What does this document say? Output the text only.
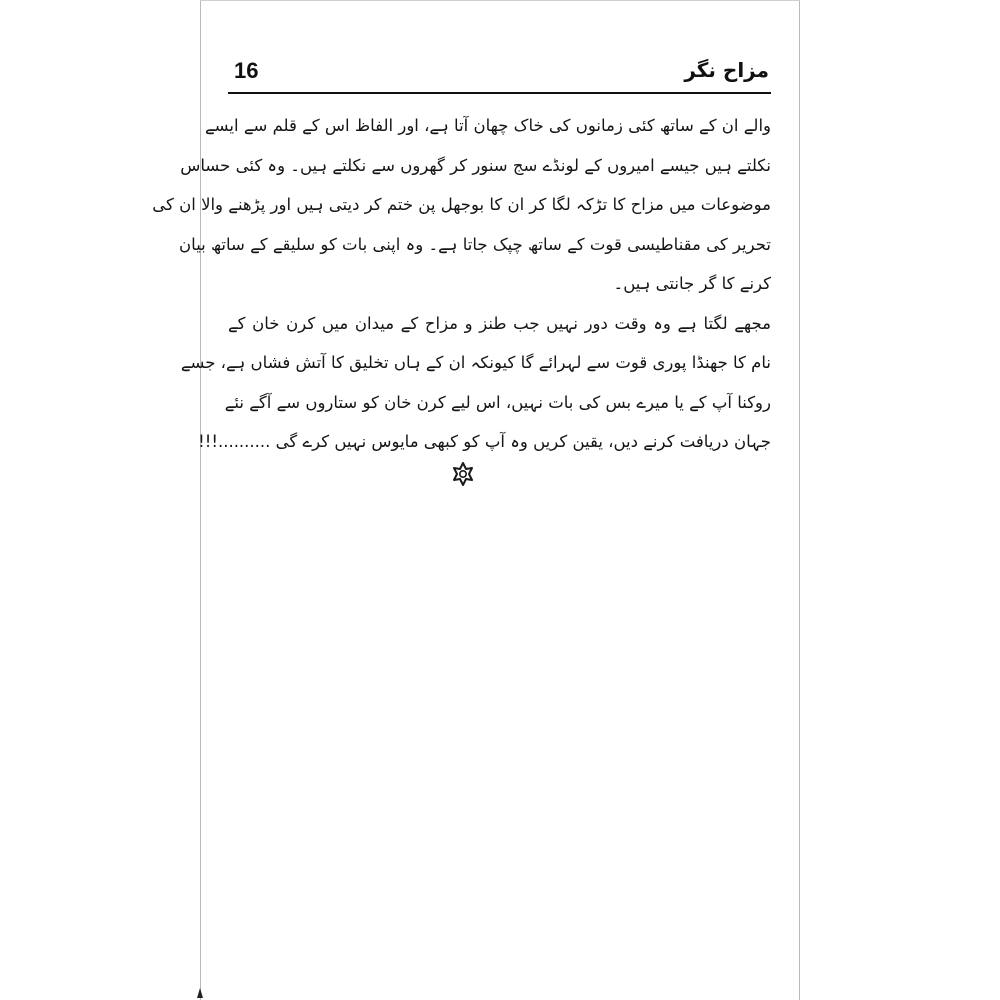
16	مزاح نگر
والے ان کے ساتھ کئی زمانوں کی خاک چھان آتا ہے، اور الفاظ اس کے قلم سے ایسے
نکلتے ہیں جیسے امیروں کے لونڈے سج سنور کر گھروں سے نکلتے ہیں۔ وہ کئی حساس
موضوعات میں مزاح کا تڑکہ لگا کر ان کا بوجھل پن ختم کر دیتی ہیں اور پڑھنے والا ان کی
تحریر کی مقناطیسی قوت کے ساتھ چپک جاتا ہے۔ وہ اپنی بات کو سلیقے کے ساتھ بیان
کرنے کا گر جانتی ہیں۔
مجھے لگتا ہے وہ وقت دور نہیں جب طنز و مزاح کے میدان میں کرن خان کے
نام کا جھنڈا پوری قوت سے لہرائے گا کیونکہ ان کے ہاں تخلیق کا آتش فشاں ہے، جسے
روکنا آپ کے یا میرے بس کی بات نہیں، اس لیے کرن خان کو ستاروں سے آگے نئے
جہان دریافت کرنے دیں، یقین کریں وہ آپ کو کبھی مایوس نہیں کرے گی ..........!!!
